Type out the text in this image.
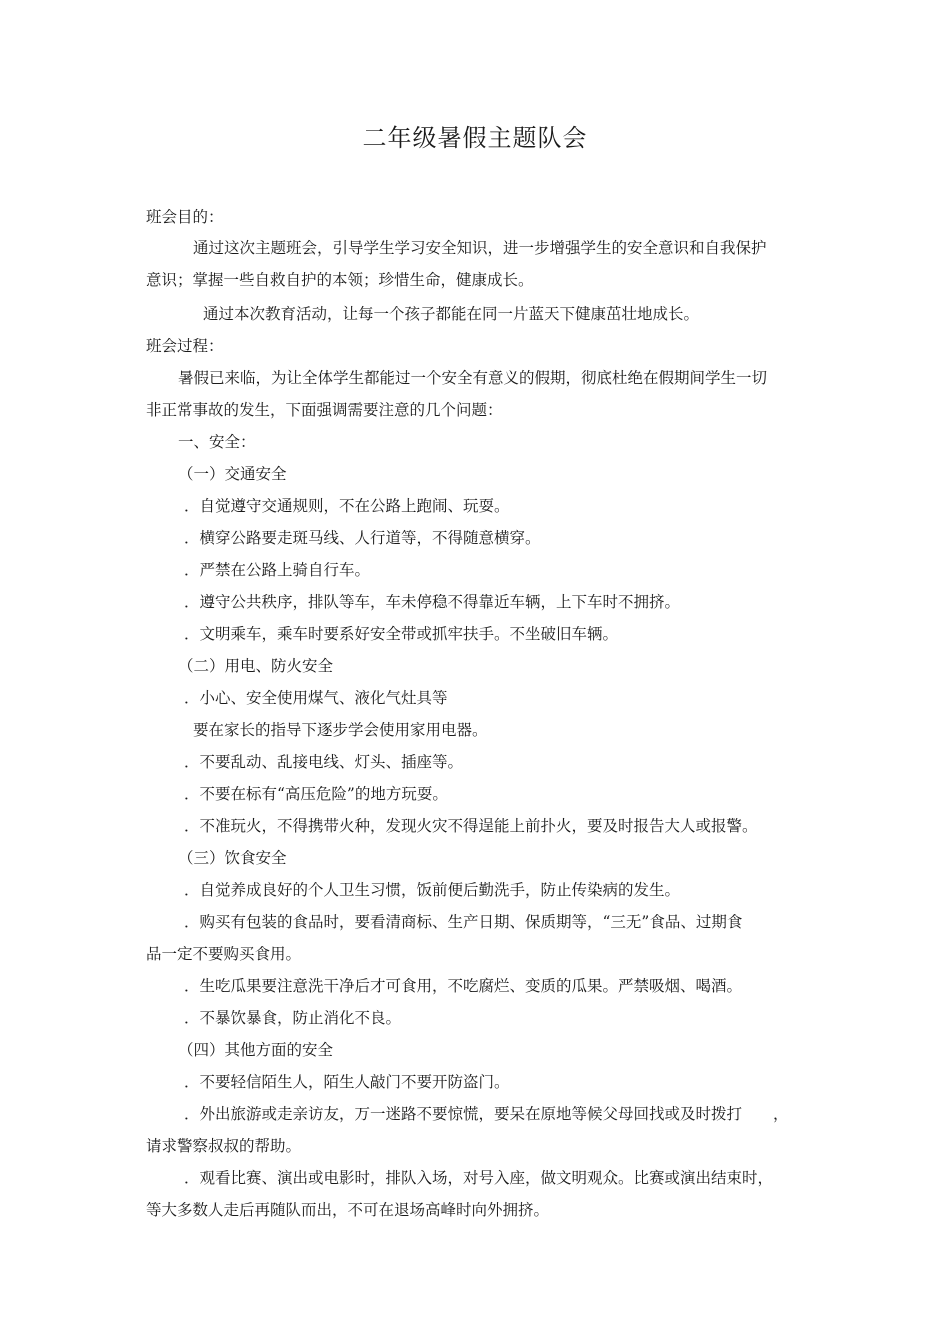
二年级暑假主题队会

班会目的：

通过这次主题班会，引导学生学习安全知识，进一步增强学生的安全意识和自我保护

意识；掌握一些自救自护的本领；珍惜生命，健康成长。

通过本次教育活动，让每一个孩子都能在同一片蓝天下健康茁壮地成长。

班会过程：

暑假已来临，为让全体学生都能过一个安全有意义的假期，彻底杜绝在假期间学生一切

非正常事故的发生，下面强调需要注意的几个问题：

一、安全：

（一）交通安全

．自觉遵守交通规则，不在公路上跑闹、玩耍。

．横穿公路要走斑马线、人行道等，不得随意横穿。

．严禁在公路上骑自行车。

．遵守公共秩序，排队等车，车未停稳不得靠近车辆，上下车时不拥挤。

．文明乘车，乘车时要系好安全带或抓牢扶手。不坐破旧车辆。

（二）用电、防火安全

．小心、安全使用煤气、液化气灶具等

要在家长的指导下逐步学会使用家用电器。

．不要乱动、乱接电线、灯头、插座等。

．不要在标有“高压危险”的地方玩耍。

．不准玩火，不得携带火种，发现火灾不得逞能上前扑火，要及时报告大人或报警。

（三）饮食安全

．自觉养成良好的个人卫生习惯，饭前便后勤洗手，防止传染病的发生。

．购买有包装的食品时，要看清商标、生产日期、保质期等，“三无”食品、过期食

品一定不要购买食用。

．生吃瓜果要注意洗干净后才可食用，不吃腐烂、变质的瓜果。严禁吸烟、喝酒。

．不暴饮暴食，防止消化不良。

（四）其他方面的安全

．不要轻信陌生人，陌生人敲门不要开防盗门。

．外出旅游或走亲访友，万一迷路不要惊慌，要呆在原地等候父母回找或及时拨打　　，

请求警察叔叔的帮助。

．观看比赛、演出或电影时，排队入场，对号入座，做文明观众。比赛或演出结束时，

等大多数人走后再随队而出，不可在退场高峰时向外拥挤。
